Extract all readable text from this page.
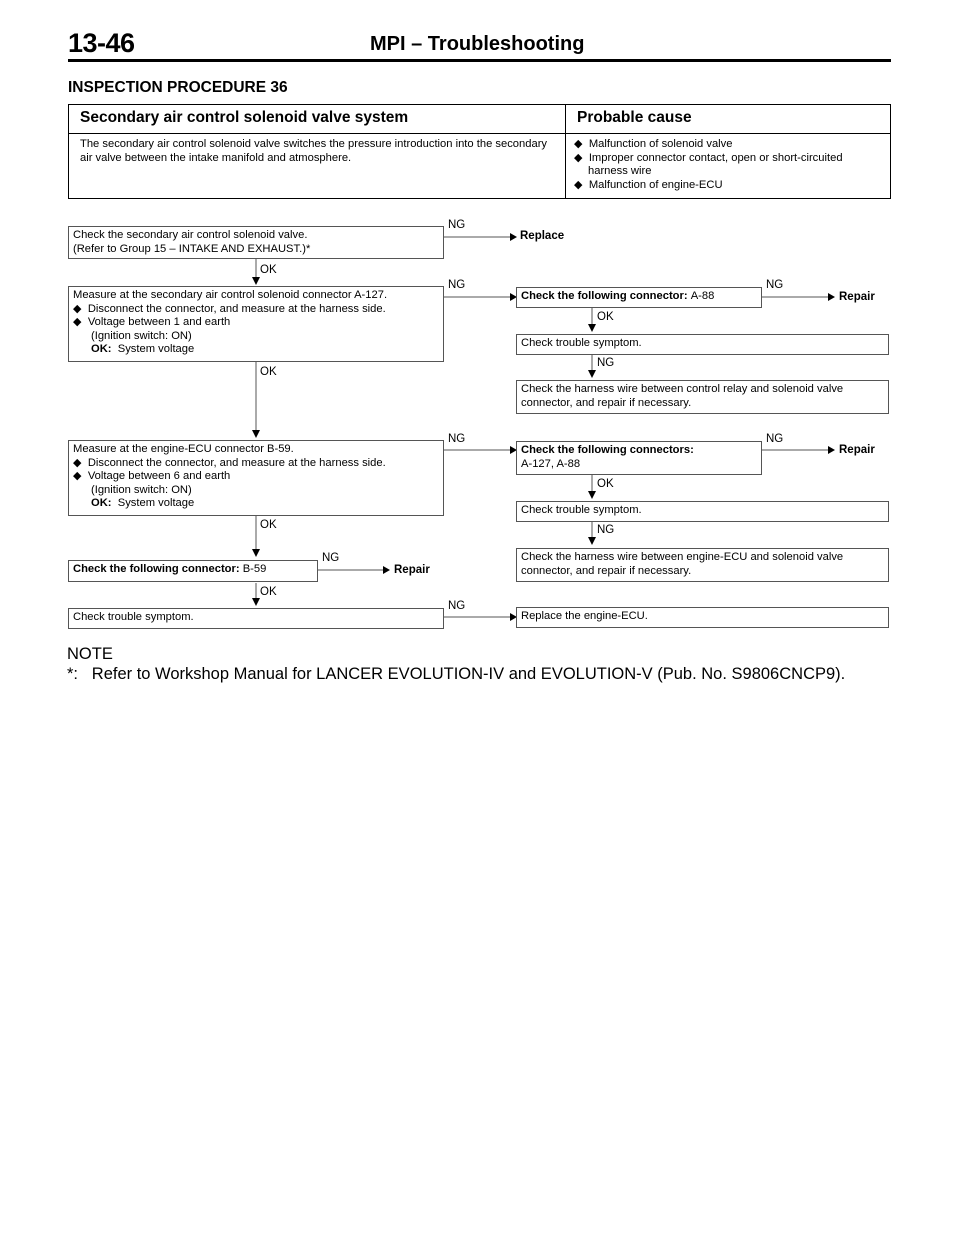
13-46	MPI – Troubleshooting
INSPECTION PROCEDURE 36
Secondary air control solenoid valve system	Probable cause
The secondary air control solenoid valve switches the pressure introduction into the secondary air valve between the intake manifold and atmosphere.
◆ Malfunction of solenoid valve
◆ Improper connector contact, open or short-circuited harness wire
◆ Malfunction of engine-ECU
Check the secondary air control solenoid valve.
(Refer to Group 15 – INTAKE AND EXHAUST.)*
NG
Replace
OK
Measure at the secondary air control solenoid connector A-127.
◆ Disconnect the connector, and measure at the harness side.
◆ Voltage between 1 and earth
(Ignition switch: ON)
OK: System voltage
NG
Check the following connector: A-88
NG
Repair
OK
Check trouble symptom.
NG
Check the harness wire between control relay and solenoid valve
connector, and repair if necessary.
OK
Measure at the engine-ECU connector B-59.
◆ Disconnect the connector, and measure at the harness side.
◆ Voltage between 6 and earth
(Ignition switch: ON)
OK: System voltage
NG
Check the following connectors:
A-127, A-88
NG
Repair
OK
Check trouble symptom.
NG
Check the harness wire between engine-ECU and solenoid valve
connector, and repair if necessary.
OK
Check the following connector: B-59
NG
Repair
OK
Check trouble symptom.
NG
Replace the engine-ECU.
NOTE
*: Refer to Workshop Manual for LANCER EVOLUTION-IV and EVOLUTION-V (Pub. No. S9806CNCP9).
